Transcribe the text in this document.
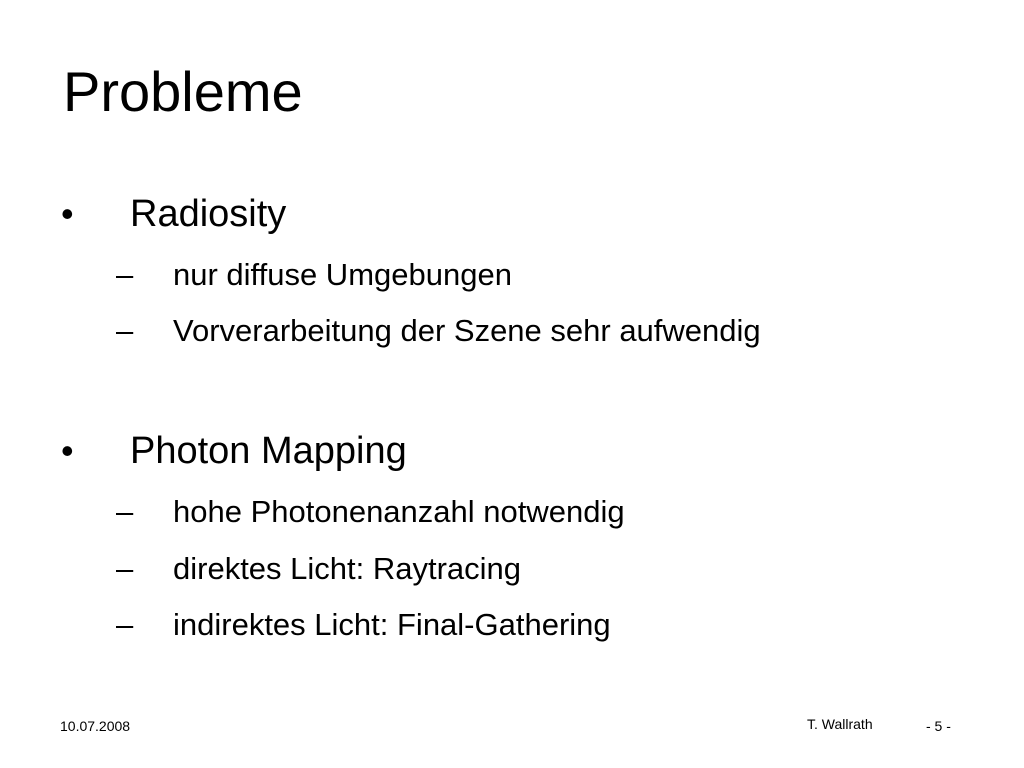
Probleme
• Radiosity
– nur diffuse Umgebungen
– Vorverarbeitung der Szene sehr aufwendig
• Photon Mapping
– hohe Photonenanzahl notwendig
– direktes Licht: Raytracing
– indirektes Licht: Final-Gathering
10.07.2008	T. Wallrath	- 5 -
